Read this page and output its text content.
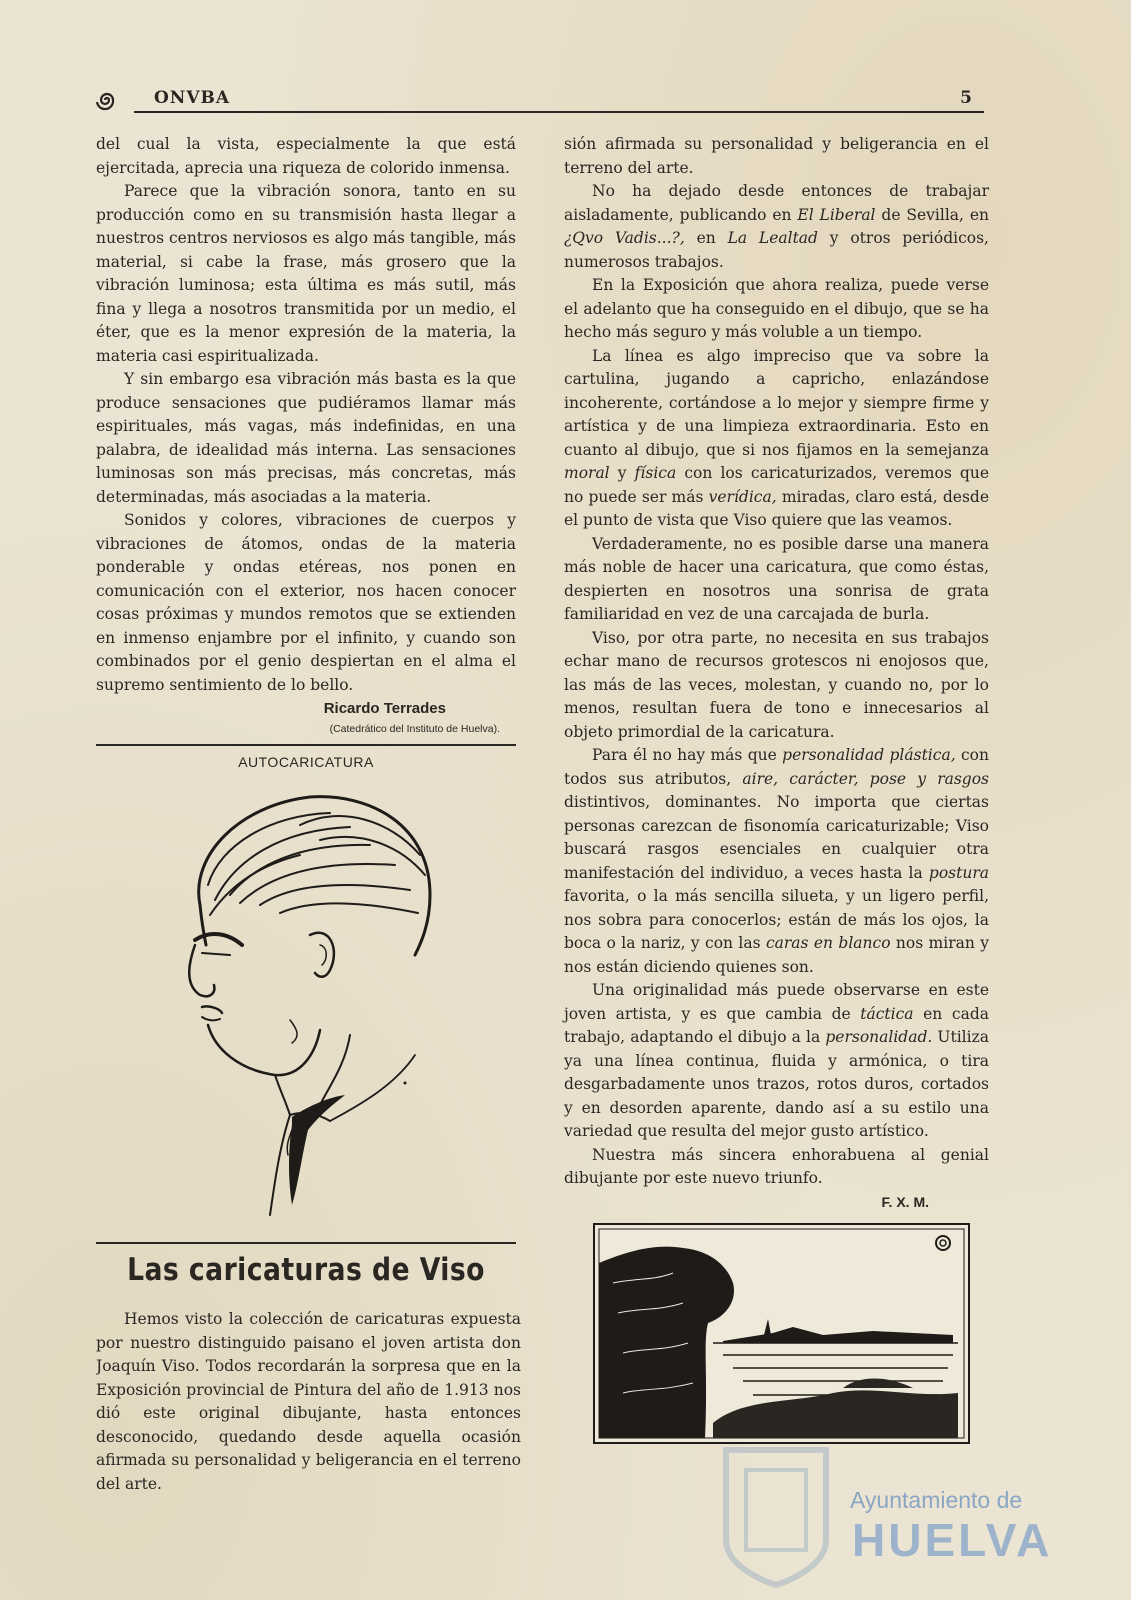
ONVBA	5

del cual la vista, especialmente la que está ejercitada, aprecia una riqueza de colorido inmensa.

Parece que la vibración sonora, tanto en su producción como en su transmisión hasta llegar a nuestros centros nerviosos es algo más tangible, más material, si cabe la frase, más grosero que la vibración luminosa; esta última es más sutil, más fina y llega a nosotros transmitida por un medio, el éter, que es la menor expresión de la materia, la materia casi espiritualizada.

Y sin embargo esa vibración más basta es la que produce sensaciones que pudiéramos llamar más espirituales, más vagas, más indefinidas, en una palabra, de idealidad más interna. Las sensaciones luminosas son más precisas, más concretas, más determinadas, más asociadas a la materia.

Sonidos y colores, vibraciones de cuerpos y vibraciones de átomos, ondas de la materia ponderable y ondas etéreas, nos ponen en comunicación con el exterior, nos hacen conocer cosas próximas y mundos remotos que se extienden en inmenso enjambre por el infinito, y cuando son combinados por el genio despiertan en el alma el supremo sentimiento de lo bello.

Ricardo Terrades
(Catedrático del Instituto de Huelva).
AUTOCARICATURA
Las caricaturas de Viso

Hemos visto la colección de caricaturas expuesta por nuestro distinguido paisano el joven artista don Joaquín Viso. Todos recordarán la sorpresa que en la Exposición provincial de Pintura del año de 1.913 nos dió este original dibujante, hasta entonces desconocido, quedando desde aquella ocasión afirmada su personalidad y beligerancia en el terreno del arte.

sión afirmada su personalidad y beligerancia en el terreno del arte.

No ha dejado desde entonces de trabajar aisladamente, publicando en El Liberal de Sevilla, en ¿Qvo Vadis...?, en La Lealtad y otros periódicos, numerosos trabajos.

En la Exposición que ahora realiza, puede verse el adelanto que ha conseguido en el dibujo, que se ha hecho más seguro y más voluble a un tiempo.

La línea es algo impreciso que va sobre la cartulina, jugando a capricho, enlazándose incoherente, cortándose a lo mejor y siempre firme y artística y de una limpieza extraordinaria. Esto en cuanto al dibujo, que si nos fijamos en la semejanza moral y física con los caricaturizados, veremos que no puede ser más verídica, miradas, claro está, desde el punto de vista que Viso quiere que las veamos.

Verdaderamente, no es posible darse una manera más noble de hacer una caricatura, que como éstas, despierten en nosotros una sonrisa de grata familiaridad en vez de una carcajada de burla.

Viso, por otra parte, no necesita en sus trabajos echar mano de recursos grotescos ni enojosos que, las más de las veces, molestan, y cuando no, por lo menos, resultan fuera de tono e innecesarios al objeto primordial de la caricatura.

Para él no hay más que personalidad plástica, con todos sus atributos, aire, carácter, pose y rasgos distintivos, dominantes. No importa que ciertas personas carezcan de fisonomía caricaturizable; Viso buscará rasgos esenciales en cualquier otra manifestación del individuo, a veces hasta la postura favorita, o la más sencilla silueta, y un ligero perfil, nos sobra para conocerlos; están de más los ojos, la boca o la nariz, y con las caras en blanco nos miran y nos están diciendo quienes son.

Una originalidad más puede observarse en este joven artista, y es que cambia de táctica en cada trabajo, adaptando el dibujo a la personalidad. Utiliza ya una línea continua, fluida y armónica, o tira desgarbadamente unos trazos, rotos duros, cortados y en desorden aparente, dando así a su estilo una variedad que resulta del mejor gusto artístico.

Nuestra más sincera enhorabuena al genial dibujante por este nuevo triunfo.

F. X. M.
Ayuntamiento de
HUELVA
